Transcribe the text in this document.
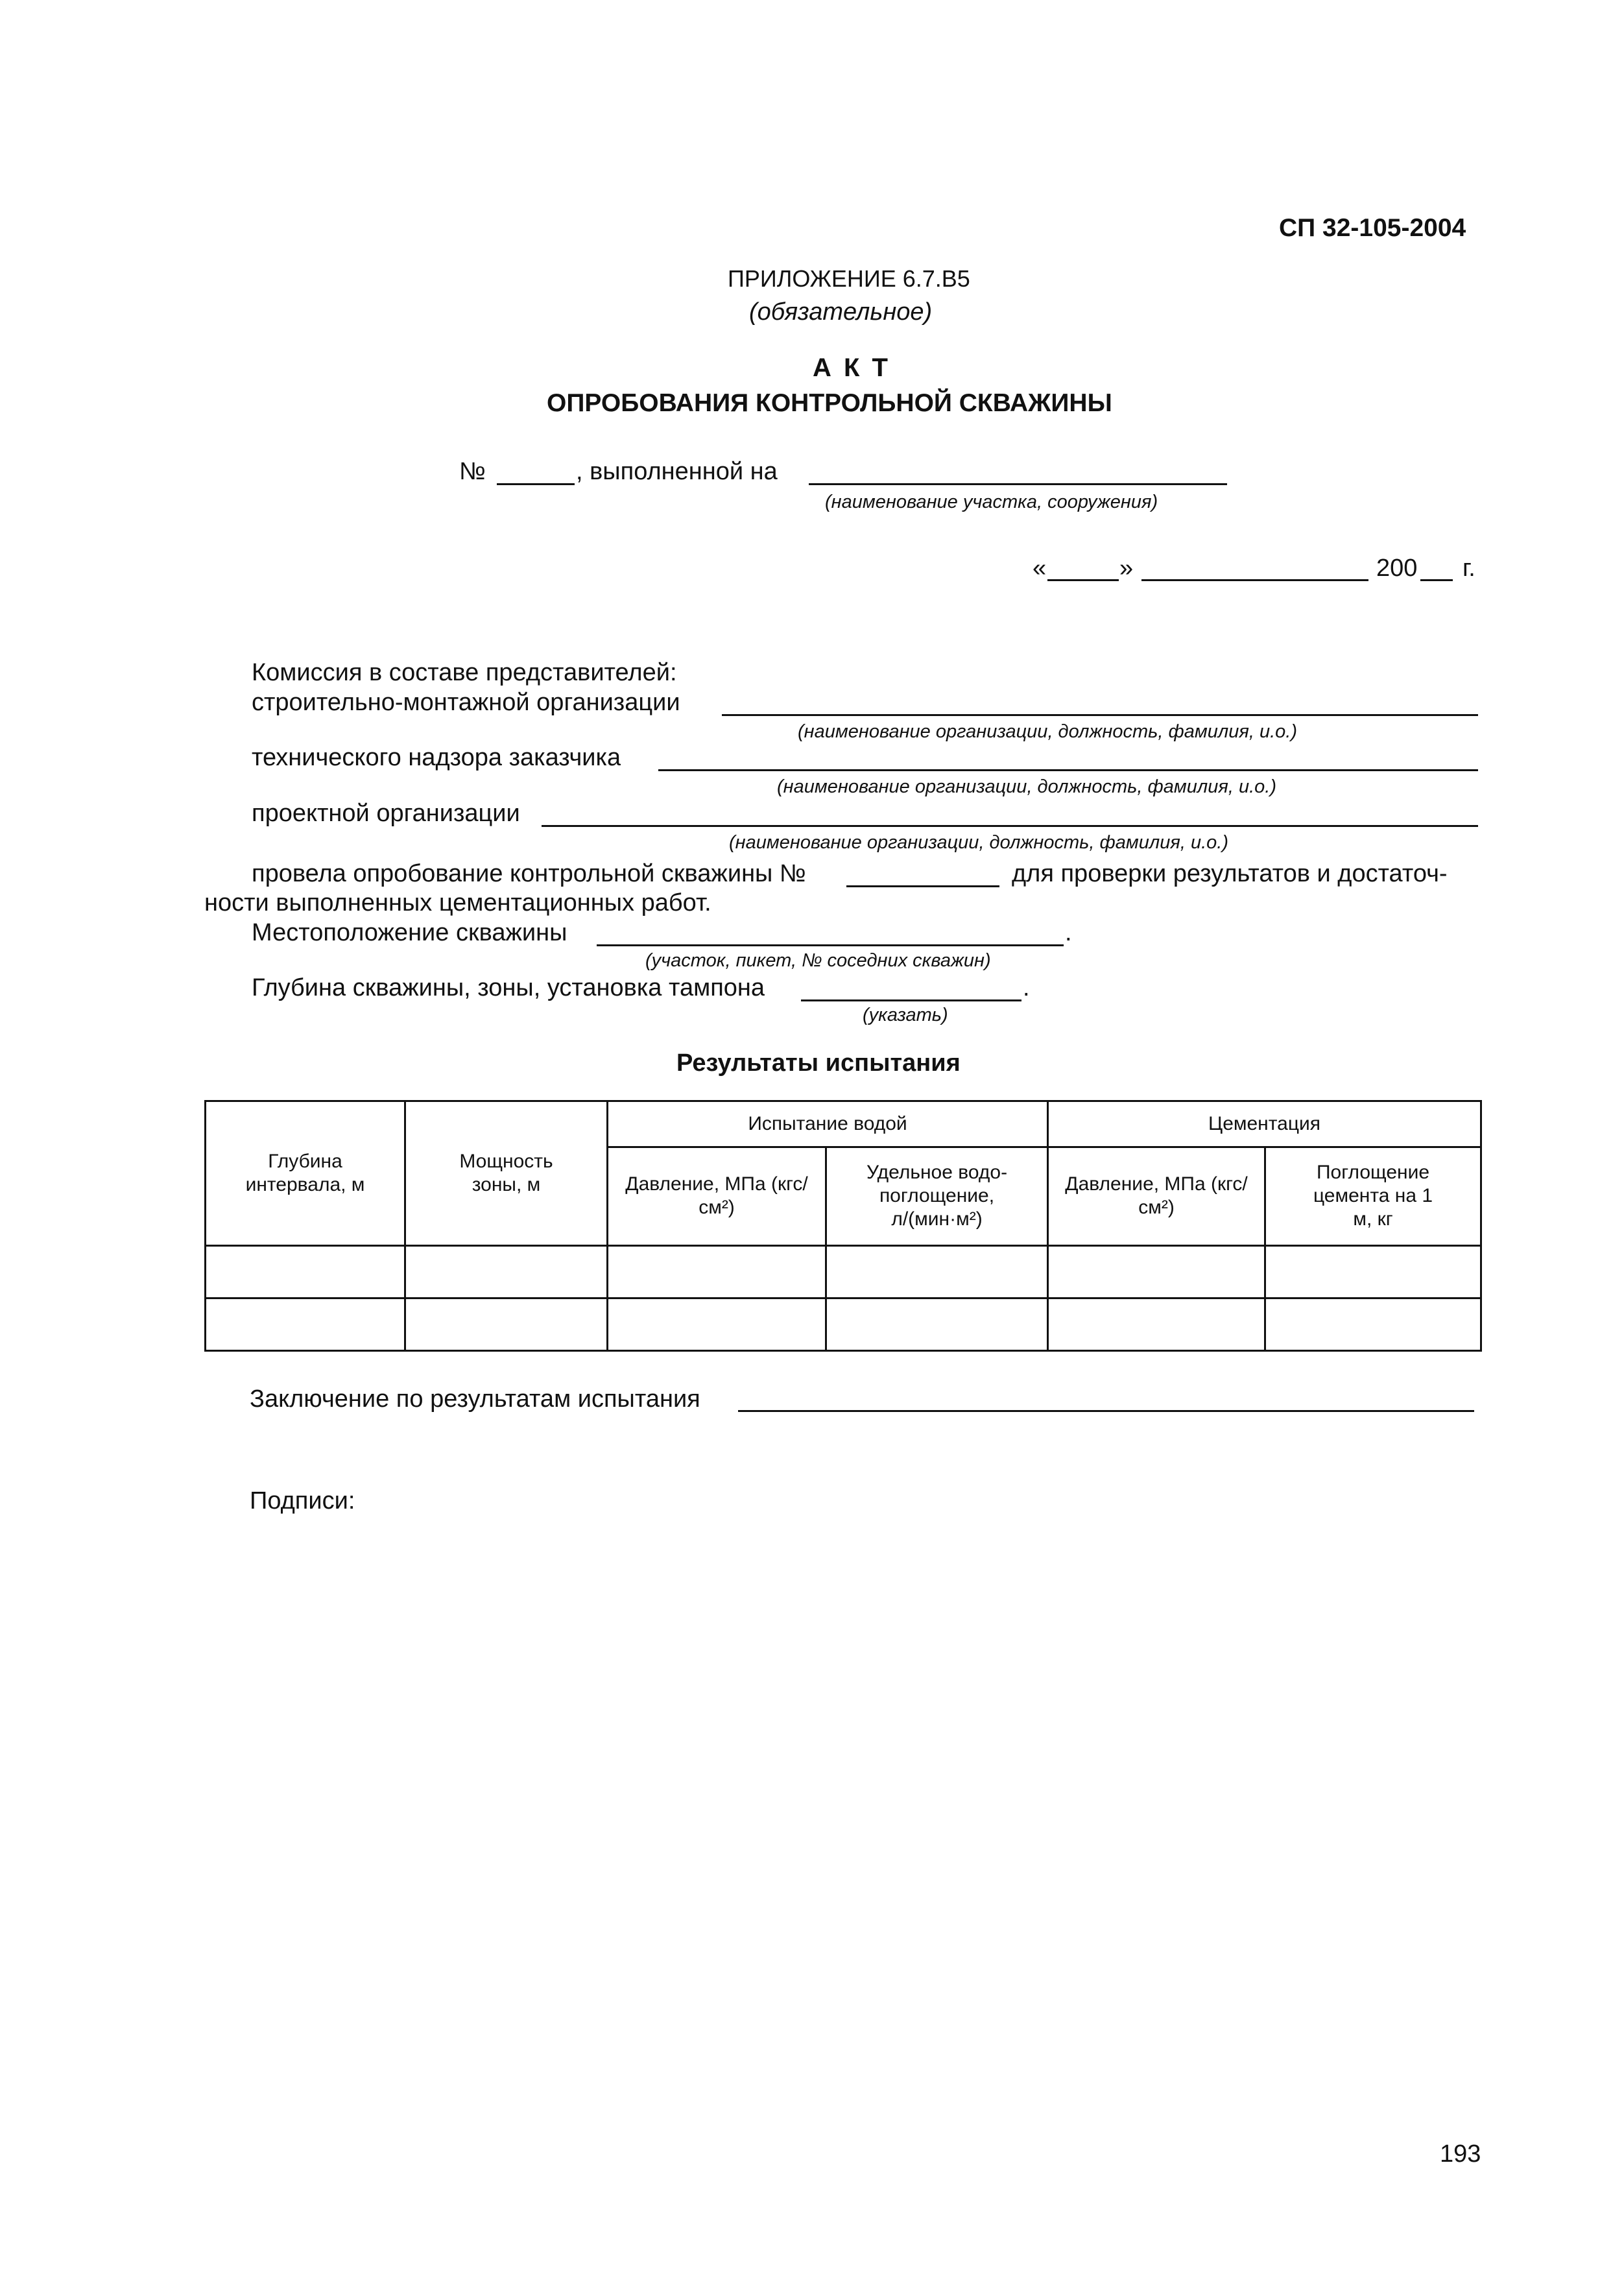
СП 32-105-2004
ПРИЛОЖЕНИЕ 6.7.В5
(обязательное)
А К Т
ОПРОБОВАНИЯ КОНТРОЛЬНОЙ СКВАЖИНЫ
№	, выполненной на
(наименование участка, сооружения)
«	»	200 г.
Комиссия в составе представителей:
строительно-монтажной организации
(наименование организации, должность, фамилия, и.о.)
технического надзора заказчика
(наименование организации, должность, фамилия, и.о.)
проектной организации
(наименование организации, должность, фамилия, и.о.)
провела опробование контрольной скважины №	для проверки результатов и достаточ-
ности выполненных цементационных работ.
Местоположение скважины	.
(участок, пикет, № соседних скважин)
Глубина скважины, зоны, установка тампона	.
(указать)
Результаты испытания
Глубина интервала, м	Мощность зоны, м	Испытание водой		Цементация	
		Давление, МПа (кгс/см²)	Удельное водо-поглощение, л/(мин·м²)	Давление, МПа (кгс/см²)	Поглощение цемента на 1 м, кг

Заключение по результатам испытания
Подписи:
193
